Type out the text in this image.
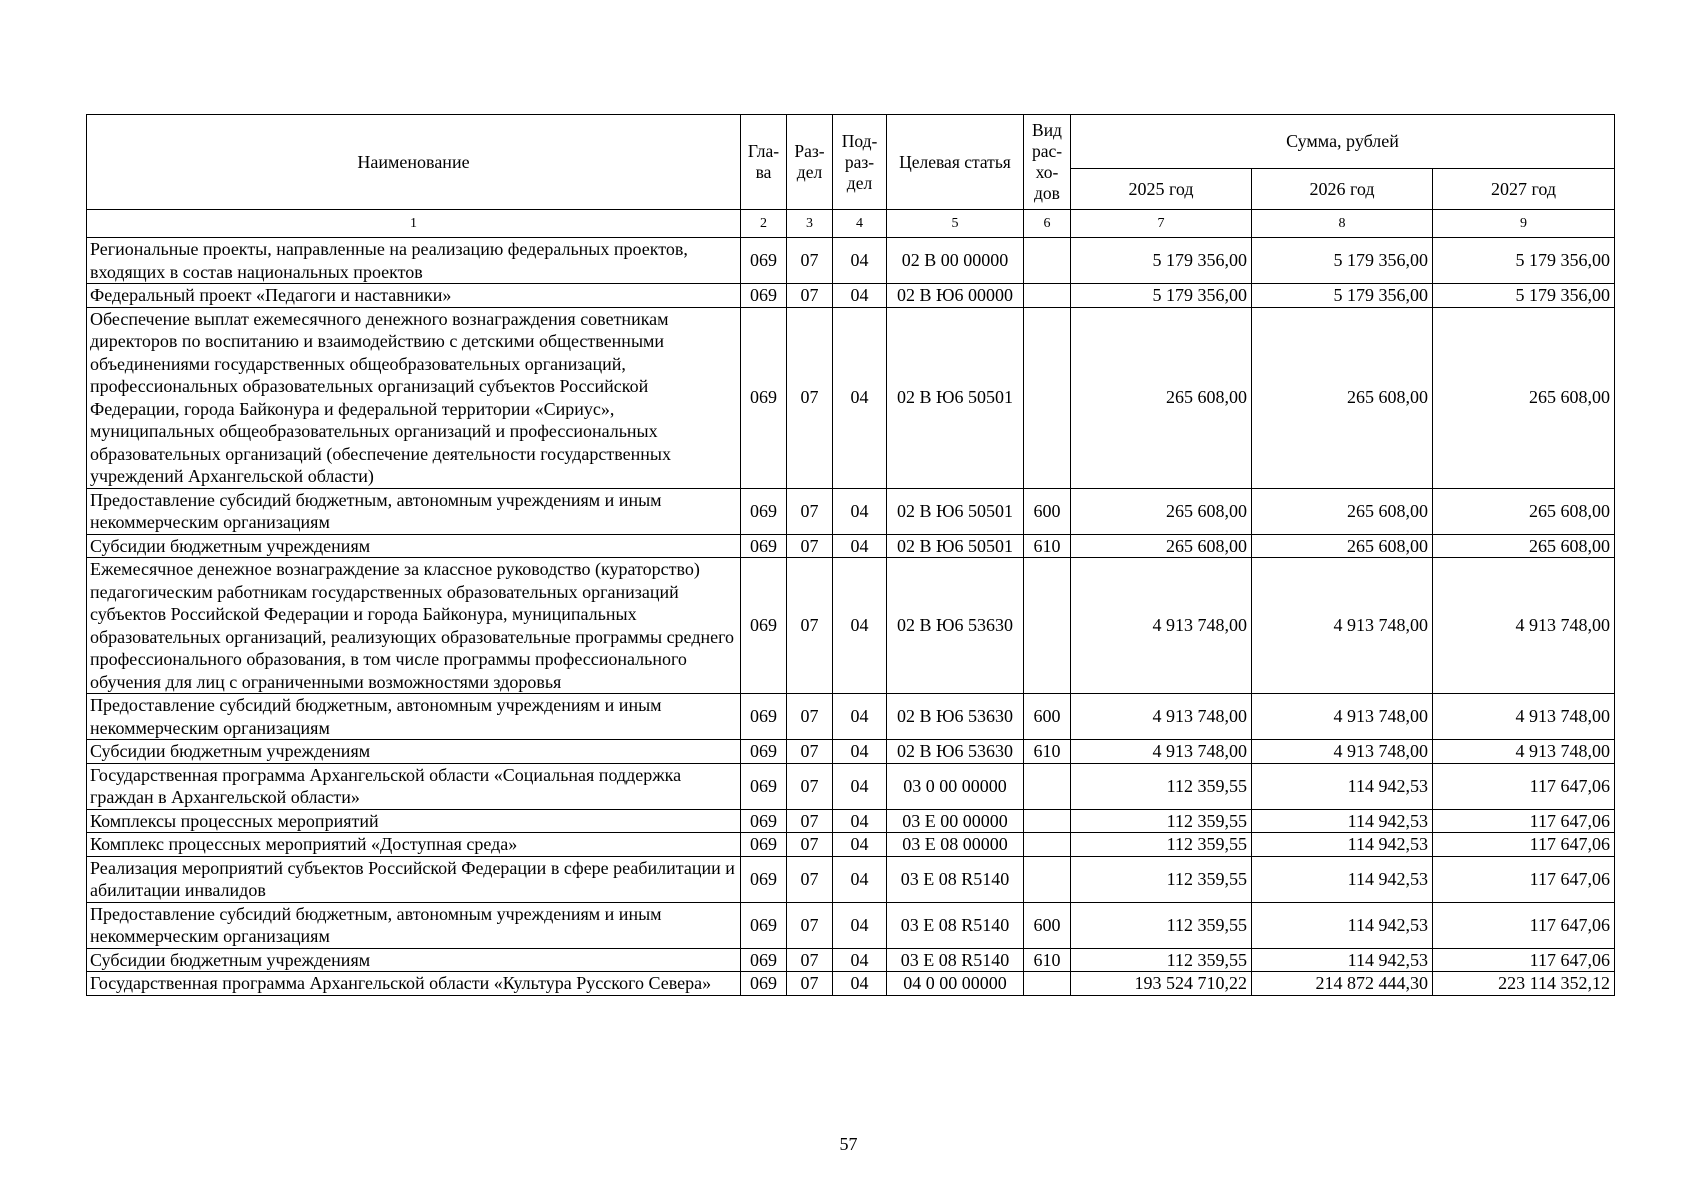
Наименование	Гла-ва	Раз-дел	Под-раз-дел	Целевая статья	Вид рас-хо-дов	Сумма, рублей		
						2025 год	2026 год	2027 год
1	2	3	4	5	6	7	8	9
Региональные проекты, направленные на реализацию федеральных проектов, входящих в состав национальных проектов	069	07	04	02 В 00 00000		5 179 356,00	5 179 356,00	5 179 356,00
Федеральный проект «Педагоги и наставники»	069	07	04	02 В Ю6 00000		5 179 356,00	5 179 356,00	5 179 356,00
Обеспечение выплат ежемесячного денежного вознаграждения советникам директоров по воспитанию и взаимодействию с детскими общественными объединениями государственных общеобразовательных организаций, профессиональных образовательных организаций субъектов Российской Федерации, города Байконура и федеральной территории «Сириус», муниципальных общеобразовательных организаций и профессиональных образовательных организаций (обеспечение деятельности государственных учреждений Архангельской области)	069	07	04	02 В Ю6 50501		265 608,00	265 608,00	265 608,00
Предоставление субсидий бюджетным, автономным учреждениям и иным некоммерческим организациям	069	07	04	02 В Ю6 50501	600	265 608,00	265 608,00	265 608,00
Субсидии бюджетным учреждениям	069	07	04	02 В Ю6 50501	610	265 608,00	265 608,00	265 608,00
Ежемесячное денежное вознаграждение за классное руководство (кураторство) педагогическим работникам государственных образовательных организаций субъектов Российской Федерации и города Байконура, муниципальных образовательных организаций, реализующих образовательные программы среднего профессионального образования, в том числе программы профессионального обучения для лиц с ограниченными возможностями здоровья	069	07	04	02 В Ю6 53630		4 913 748,00	4 913 748,00	4 913 748,00
Предоставление субсидий бюджетным, автономным учреждениям и иным некоммерческим организациям	069	07	04	02 В Ю6 53630	600	4 913 748,00	4 913 748,00	4 913 748,00
Субсидии бюджетным учреждениям	069	07	04	02 В Ю6 53630	610	4 913 748,00	4 913 748,00	4 913 748,00
Государственная программа Архангельской области «Социальная поддержка граждан в Архангельской области»	069	07	04	03 0 00 00000		112 359,55	114 942,53	117 647,06
Комплексы процессных мероприятий	069	07	04	03 Е 00 00000		112 359,55	114 942,53	117 647,06
Комплекс процессных мероприятий «Доступная среда»	069	07	04	03 Е 08 00000		112 359,55	114 942,53	117 647,06
Реализация мероприятий субъектов Российской Федерации в сфере реабилитации и абилитации инвалидов	069	07	04	03 Е 08 R5140		112 359,55	114 942,53	117 647,06
Предоставление субсидий бюджетным, автономным учреждениям и иным некоммерческим организациям	069	07	04	03 Е 08 R5140	600	112 359,55	114 942,53	117 647,06
Субсидии бюджетным учреждениям	069	07	04	03 Е 08 R5140	610	112 359,55	114 942,53	117 647,06
Государственная программа Архангельской области «Культура Русского Севера»	069	07	04	04 0 00 00000		193 524 710,22	214 872 444,30	223 114 352,12
57
